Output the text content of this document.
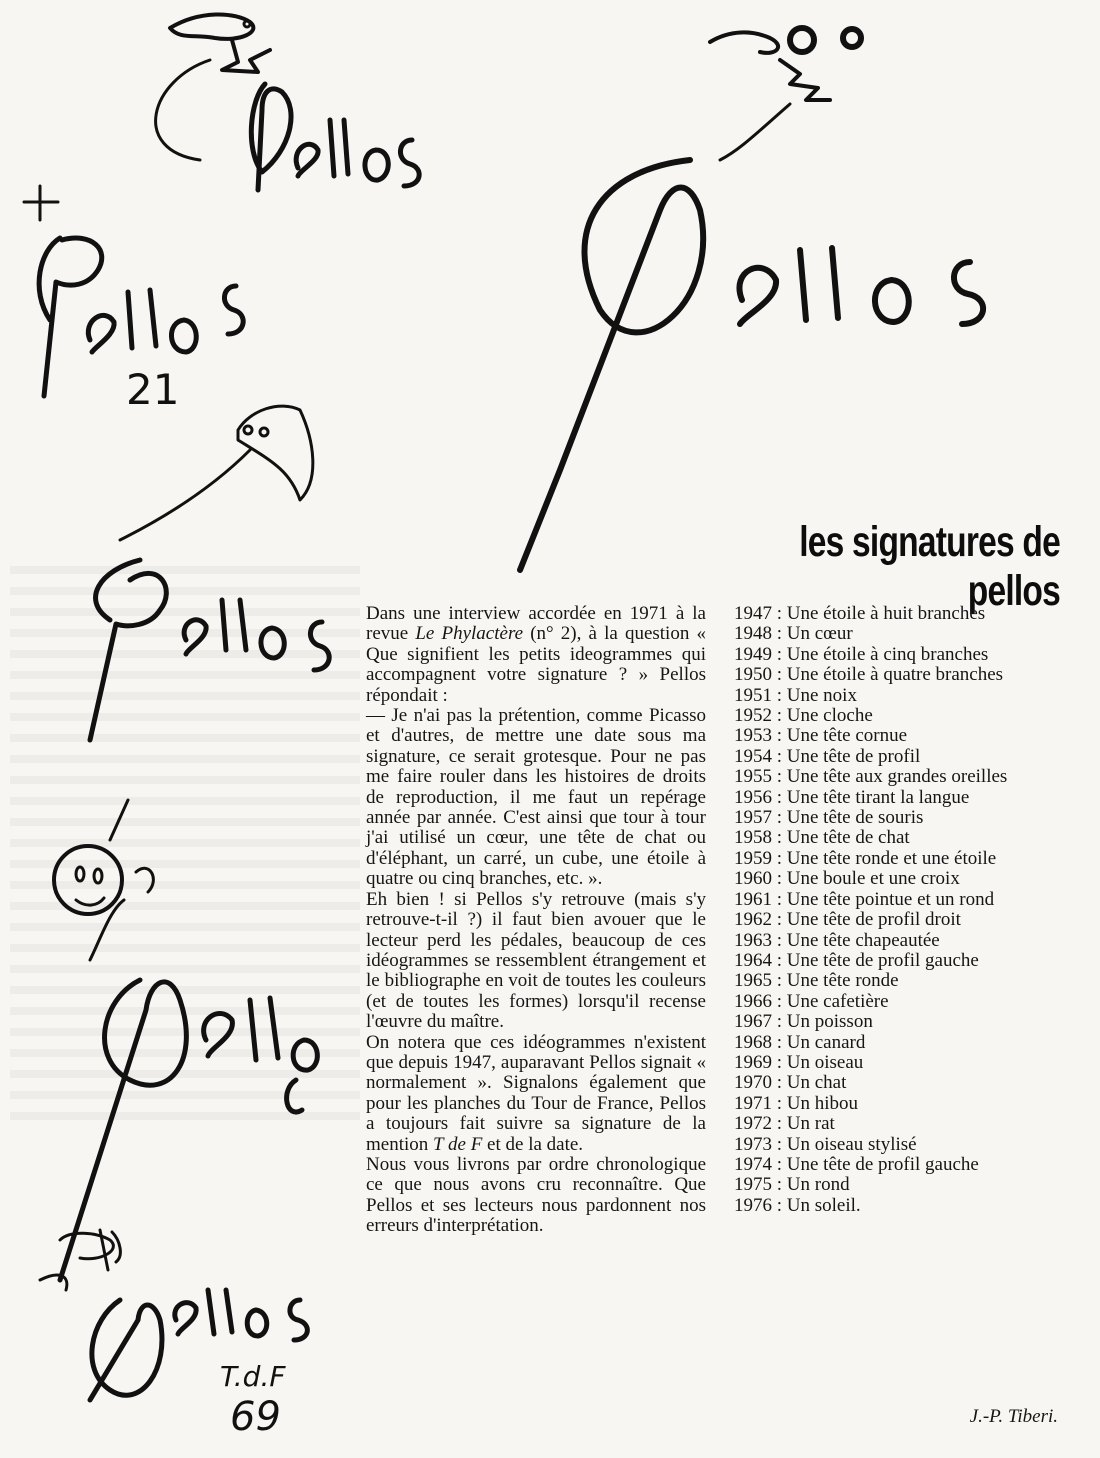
21
T.d.F
69
les signatures de pellos

Dans une interview accordée en 1971 à la revue Le Phylactère (n° 2), à la question « Que signifient les petits ideogrammes qui accompagnent votre signature ? » Pellos répondait :

— Je n'ai pas la prétention, comme Picasso et d'autres, de mettre une date sous ma signature, ce serait grotesque. Pour ne pas me faire rouler dans les histoires de droits de reproduction, il me faut un repérage année par année. C'est ainsi que tour à tour j'ai utilisé un cœur, une tête de chat ou d'éléphant, un carré, un cube, une étoile à quatre ou cinq branches, etc. ».

Eh bien ! si Pellos s'y retrouve (mais s'y retrouve-t-il ?) il faut bien avouer que le lecteur perd les pédales, beaucoup de ces idéogrammes se ressemblent étrangement et le bibliographe en voit de toutes les couleurs (et de toutes les formes) lorsqu'il recense l'œuvre du maître.

On notera que ces idéogrammes n'existent que depuis 1947, auparavant Pellos signait « normalement ». Signalons également que pour les planches du Tour de France, Pellos a toujours fait suivre sa signature de la mention T de F et de la date.

Nous vous livrons par ordre chronologique ce que nous avons cru reconnaître. Que Pellos et ses lecteurs nous pardonnent nos erreurs d'interprétation.

1947 : Une étoile à huit branches
1948 : Un cœur
1949 : Une étoile à cinq branches
1950 : Une étoile à quatre branches
1951 : Une noix
1952 : Une cloche
1953 : Une tête cornue
1954 : Une tête de profil
1955 : Une tête aux grandes oreilles
1956 : Une tête tirant la langue
1957 : Une tête de souris
1958 : Une tête de chat
1959 : Une tête ronde et une étoile
1960 : Une boule et une croix
1961 : Une tête pointue et un rond
1962 : Une tête de profil droit
1963 : Une tête chapeautée
1964 : Une tête de profil gauche
1965 : Une tête ronde
1966 : Une cafetière
1967 : Un poisson
1968 : Un canard
1969 : Un oiseau
1970 : Un chat
1971 : Un hibou
1972 : Un rat
1973 : Un oiseau stylisé
1974 : Une tête de profil gauche
1975 : Un rond
1976 : Un soleil.
J.-P. Tiberi.
